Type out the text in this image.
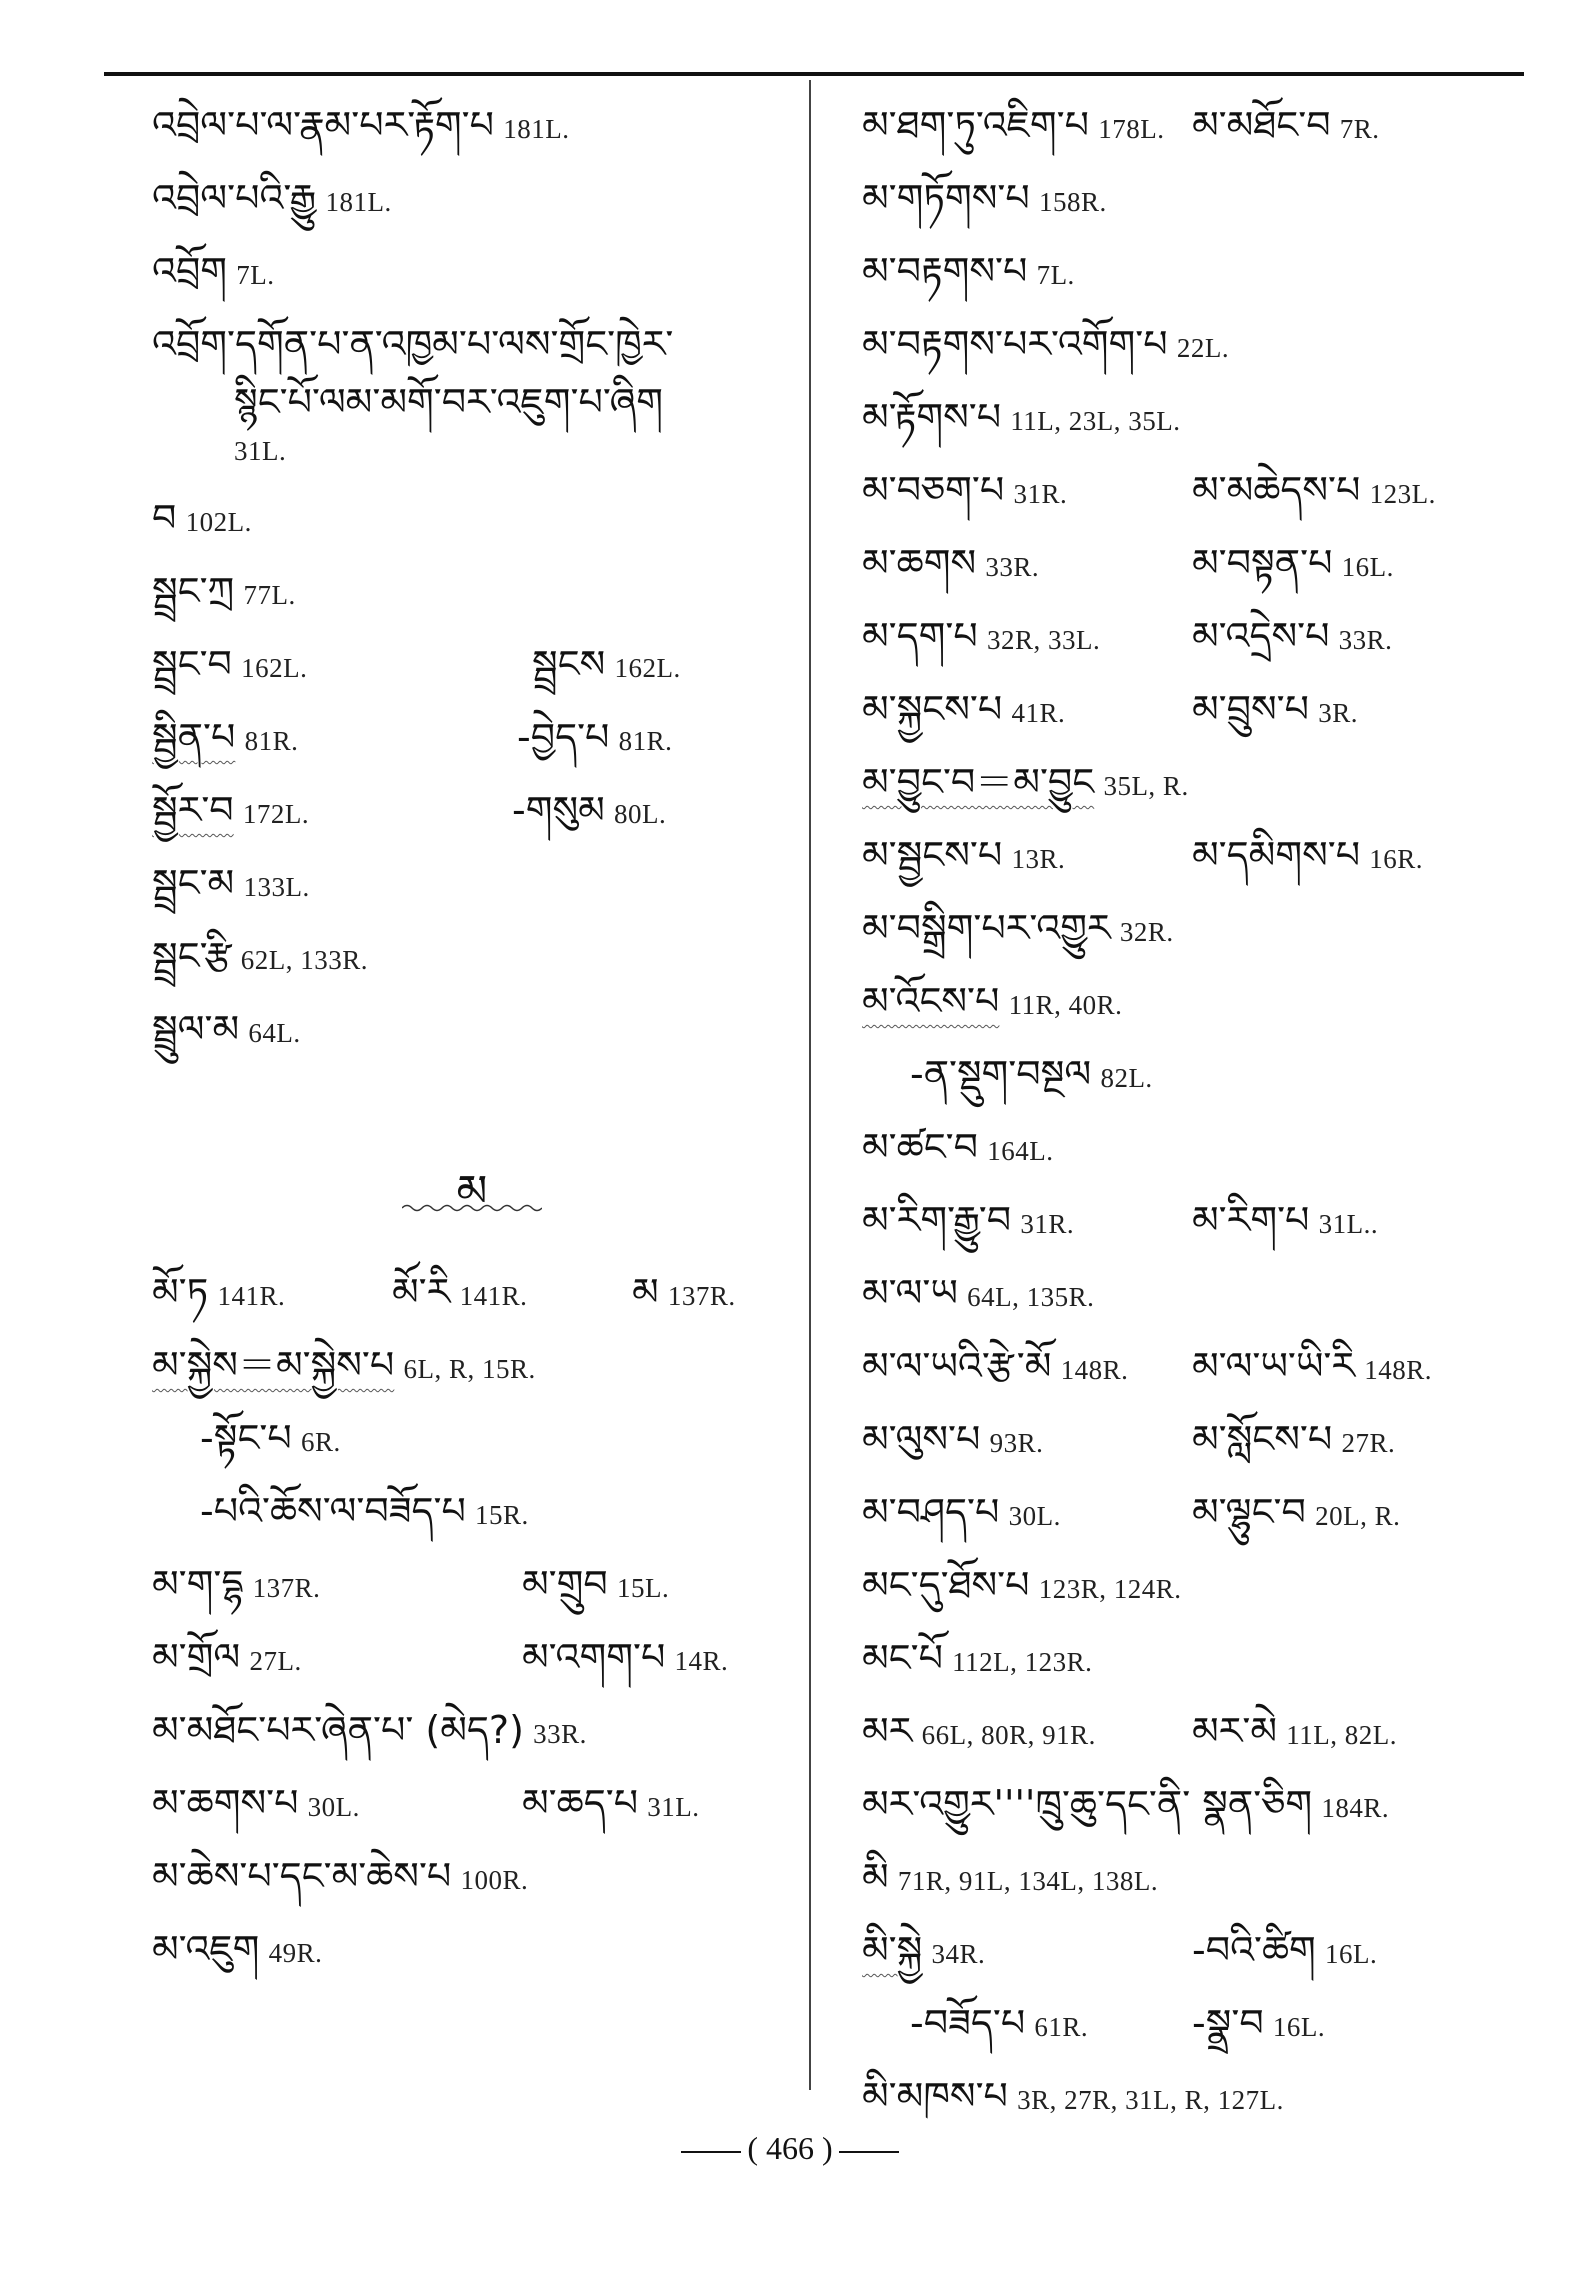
འབྲེལ་པ་ལ་རྣམ་པར་རྟོག་པ 181L.
འབྲེལ་པའི་རྒྱུ 181L.
འབྲོག 7L.
འབྲོག་དགོན་པ་ན་འཁྱམ་པ་ལས་གྲོང་ཁྱེར་
སྙིང་པོ་ལམ་མགོ་བར་འཇུག་པ་ཞིག
31L.
བ 102L.
སྦྲང་ཀྲ 77L.
སྦྲང་བ 162L.	སྦྲངས 162L.
སྦྱིན་པ 81R.	-བྱེད་པ 81R.
སྦྱོར་བ 172L.	-གསུམ 80L.
སྦྲང་མ 133L.
སྦྲང་རྩི 62L, 133R.
སྦྲུལ་མ 64L.
མ
མོ་ཏ 141R.	མོ་རི 141R.	མ 137R.
མ་སྐྱེས＝མ་སྐྱེས་པ 6L, R, 15R.
-སྟོང་པ 6R.
-པའི་ཆོས་ལ་བཟོད་པ 15R.
མ་ག་དྷ 137R.	མ་གྲུབ 15L.
མ་གྲོལ 27L.	མ་འགག་པ 14R.
མ་མཐོང་པར་ཞེན་པ་ (མེད?) 33R.
མ་ཆགས་པ 30L.	མ་ཆད་པ 31L.
མ་ཆེས་པ་དང་མ་ཆེས་པ 100R.
མ་འཇུག 49R.
མ་ཐག་ཏུ་འཇིག་པ 178L. མ་མཐོང་བ 7R.
མ་གཏོགས་པ 158R.
མ་བརྟགས་པ 7L.
མ་བརྟགས་པར་འགོག་པ 22L.
མ་རྟོགས་པ 11L, 23L, 35L.
མ་བཅག་པ 31R.	མ་མཆེདས་པ 123L.
མ་ཆགས 33R.	མ་བསྟན་པ 16L.
མ་དག་པ 32R, 33L. མ་འདྲེས་པ 33R.
མ་སྐྱངས་པ 41R.	མ་བྲུས་པ 3R.
མ་བྱུང་བ＝མ་བྱུང 35L, R.
མ་སྦྱངས་པ 13R.	མ་དམིགས་པ 16R.
མ་བསྒྲིག་པར་འགྱུར 32R.
མ་འོངས་པ 11R, 40R.
-ན་སྡུག་བསྔལ 82L.
མ་ཚང་བ 164L.
མ་རིག་རྒྱུ་བ 31R.	མ་རིག་པ 31L..
མ་ལ་ཡ 64L, 135R.
མ་ལ་ཡའི་རྩེ་མོ 148R. མ་ལ་ཡ་ཡི་རི 148R.
མ་ལུས་པ 93R.	མ་སློངས་པ 27R.
མ་བཤད་པ 30L.	མ་ལྷུང་བ 20L, R.
མང་དུ་ཐོས་པ 123R, 124R.
མང་པོ 112L, 123R.
མར 66L, 80R, 91R.	མར་མེ 11L, 82L.
མར་འགྱུར''''ཁྲུ་ཆུ་དང་ནི་ སྣན་ཅིག 184R.
མི 71R, 91L, 134L, 138L.
མི་སྐྱེ 34R.	-བའི་ཚིག 16L.
-བཟོད་པ 61R.	-སྣྲ་བ 16L.
མི་མཁས་པ 3R, 27R, 31L, R, 127L.
( 466 )
